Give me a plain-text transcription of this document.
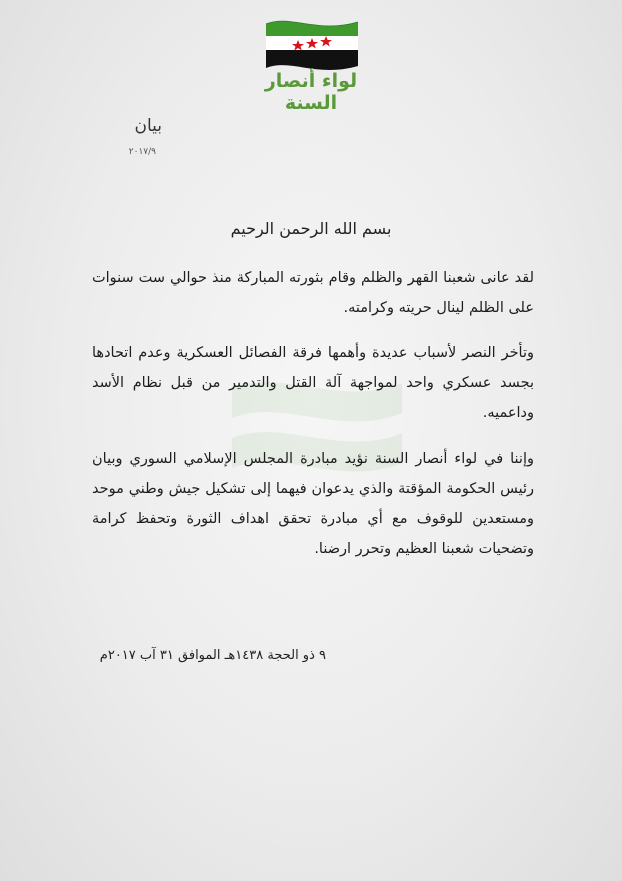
لواء أنصار السنة
بيان
٢٠١٧/٩
بسم الله الرحمن الرحيم
لقد عانى شعبنا القهر والظلم وقام بثورته المباركة منذ حوالي ست سنوات على الظلم لينال حريته وكرامته.
وتأخر النصر لأسباب عديدة وأهمها فرقة الفصائل العسكرية وعدم اتحادها بجسد عسكري واحد لمواجهة آلة القتل والتدمير من قبل نظام الأسد وداعميه.
وإننا في لواء أنصار السنة نؤيد مبادرة المجلس الإسلامي السوري وبيان رئيس الحكومة المؤقتة والذي يدعوان فيهما إلى تشكيل جيش وطني موحد ومستعدين للوقوف مع أي مبادرة تحقق اهداف الثورة وتحفظ كرامة وتضحيات شعبنا العظيم وتحرر ارضنا.
٩ ذو الحجة ١٤٣٨هـ الموافق ٣١ آب ٢٠١٧م
